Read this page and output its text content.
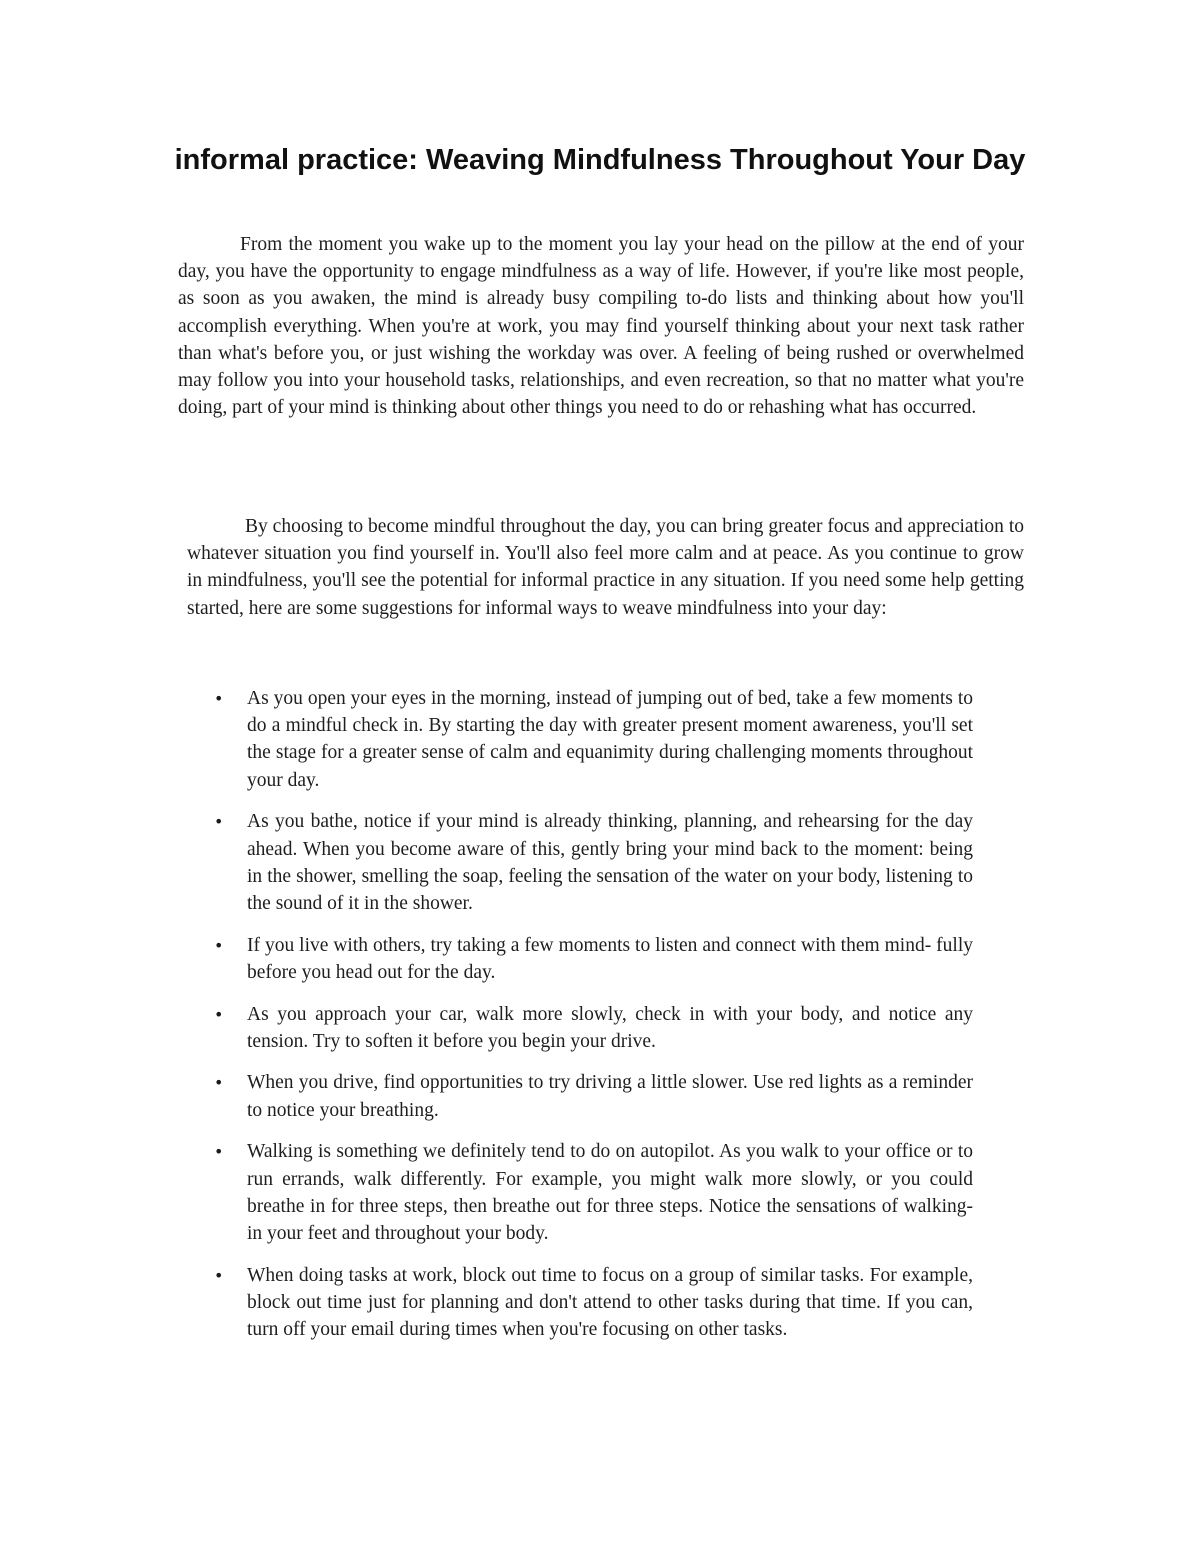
informal practice: Weaving Mindfulness Throughout Your Day

From the moment you wake up to the moment you lay your head on the pillow at the end of your day, you have the opportunity to engage mindfulness as a way of life. However, if you're like most people, as soon as you awaken, the mind is already busy compiling to-do lists and thinking about how you'll accomplish everything. When you're at work, you may find yourself thinking about your next task rather than what's before you, or just wishing the workday was over. A feeling of being rushed or overwhelmed may follow you into your household tasks, relationships, and even recreation, so that no matter what you're doing, part of your mind is thinking about other things you need to do or rehashing what has occurred.

By choosing to become mindful throughout the day, you can bring greater focus and appreciation to whatever situation you find yourself in. You'll also feel more calm and at peace. As you continue to grow in mindfulness, you'll see the potential for informal practice in any situation. If you need some help getting started, here are some suggestions for informal ways to weave mindfulness into your day:

• As you open your eyes in the morning, instead of jumping out of bed, take a few moments to do a mindful check in. By starting the day with greater present moment awareness, you'll set the stage for a greater sense of calm and equanimity during challenging moments throughout your day.

• As you bathe, notice if your mind is already thinking, planning, and rehearsing for the day ahead. When you become aware of this, gently bring your mind back to the moment: being in the shower, smelling the soap, feeling the sensation of the water on your body, listening to the sound of it in the shower.

• If you live with others, try taking a few moments to listen and connect with them mind- fully before you head out for the day.

• As you approach your car, walk more slowly, check in with your body, and notice any tension. Try to soften it before you begin your drive.

• When you drive, find opportunities to try driving a little slower. Use red lights as a reminder to notice your breathing.

• Walking is something we definitely tend to do on autopilot. As you walk to your office or to run errands, walk differently. For example, you might walk more slowly, or you could breathe in for three steps, then breathe out for three steps. Notice the sensations of walking-in your feet and throughout your body.

• When doing tasks at work, block out time to focus on a group of similar tasks. For example, block out time just for planning and don't attend to other tasks during that time. If you can, turn off your email during times when you're focusing on other tasks.
